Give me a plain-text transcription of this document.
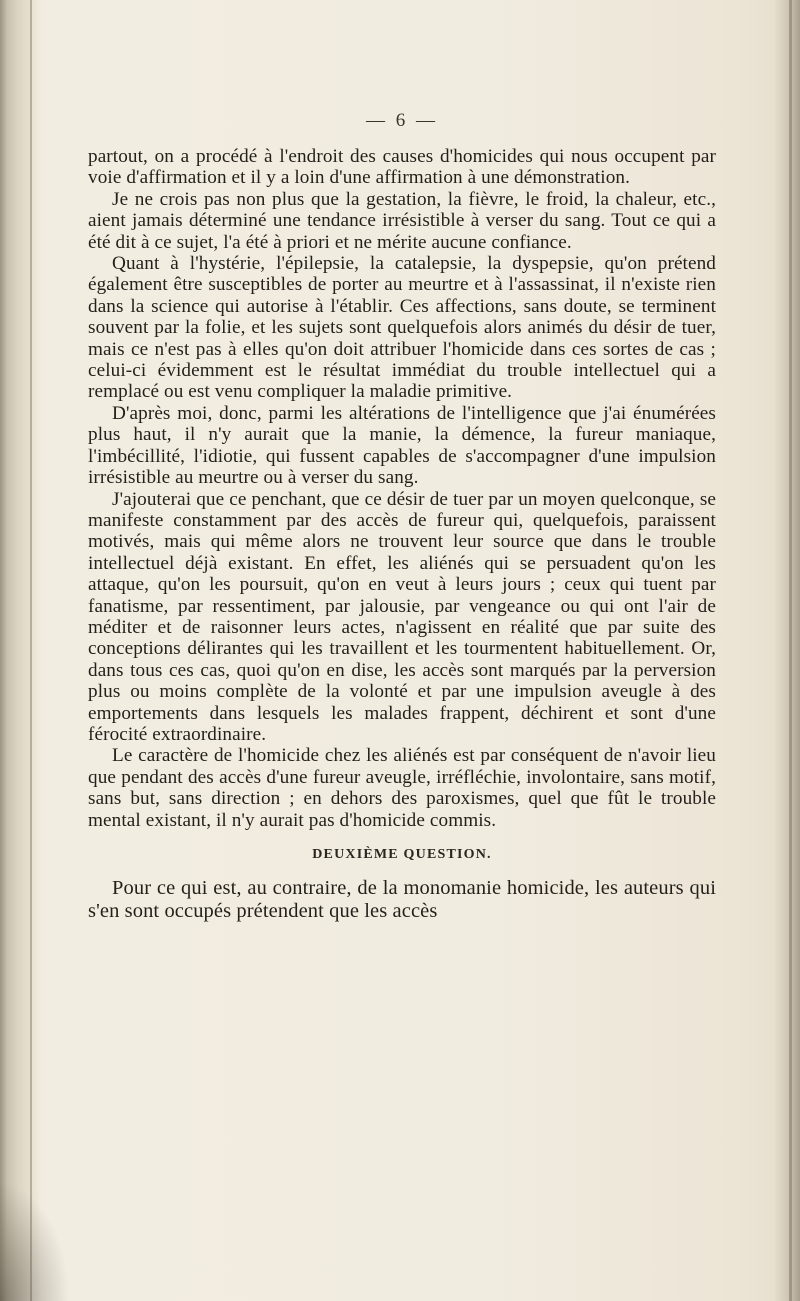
— 6 —

partout, on a procédé à l'endroit des causes d'homicides qui nous occupent par voie d'affirmation et il y a loin d'une affirmation à une démonstration.

Je ne crois pas non plus que la gestation, la fièvre, le froid, la chaleur, etc., aient jamais déterminé une tendance irrésistible à verser du sang. Tout ce qui a été dit à ce sujet, l'a été à priori et ne mérite aucune confiance.

Quant à l'hystérie, l'épilepsie, la catalepsie, la dyspepsie, qu'on prétend également être susceptibles de porter au meurtre et à l'assassinat, il n'existe rien dans la science qui autorise à l'établir. Ces affections, sans doute, se terminent souvent par la folie, et les sujets sont quelquefois alors animés du désir de tuer, mais ce n'est pas à elles qu'on doit attribuer l'homicide dans ces sortes de cas ; celui-ci évidemment est le résultat immédiat du trouble intellectuel qui a remplacé ou est venu compliquer la maladie primitive.

D'après moi, donc, parmi les altérations de l'intelligence que j'ai énumérées plus haut, il n'y aurait que la manie, la démence, la fureur maniaque, l'imbécillité, l'idiotie, qui fussent capables de s'accompagner d'une impulsion irrésistible au meurtre ou à verser du sang.

J'ajouterai que ce penchant, que ce désir de tuer par un moyen quelconque, se manifeste constamment par des accès de fureur qui, quelquefois, paraissent motivés, mais qui même alors ne trouvent leur source que dans le trouble intellectuel déjà existant. En effet, les aliénés qui se persuadent qu'on les attaque, qu'on les poursuit, qu'on en veut à leurs jours ; ceux qui tuent par fanatisme, par ressentiment, par jalousie, par vengeance ou qui ont l'air de méditer et de raisonner leurs actes, n'agissent en réalité que par suite des conceptions délirantes qui les travaillent et les tourmentent habituellement. Or, dans tous ces cas, quoi qu'on en dise, les accès sont marqués par la perversion plus ou moins complète de la volonté et par une impulsion aveugle à des emportements dans lesquels les malades frappent, déchirent et sont d'une férocité extraordinaire.

Le caractère de l'homicide chez les aliénés est par conséquent de n'avoir lieu que pendant des accès d'une fureur aveugle, irréfléchie, involontaire, sans motif, sans but, sans direction ; en dehors des paroxismes, quel que fût le trouble mental existant, il n'y aurait pas d'homicide commis.

DEUXIÈME QUESTION.

Pour ce qui est, au contraire, de la monomanie homicide, les auteurs qui s'en sont occupés prétendent que les accès
